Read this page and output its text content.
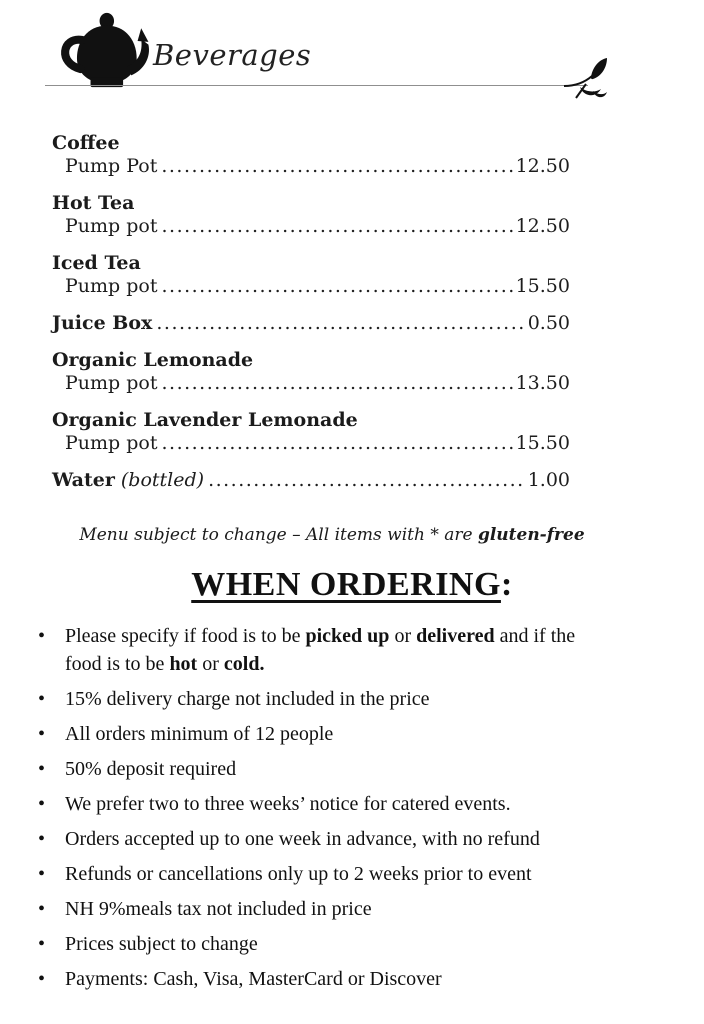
Beverages
Coffee
Pump Pot .....	12.50
Hot Tea
Pump pot .....	12.50
Iced Tea
Pump pot .....	15.50
Juice Box .....	0.50
Organic Lemonade
Pump pot .....	13.50
Organic Lavender Lemonade
Pump pot .....	15.50
Water (bottled) .....	1.00
Menu subject to change – All items with * are gluten-free
WHEN ORDERING:
• Please specify if food is to be picked up or delivered and if the food is to be hot or cold.
• 15% delivery charge not included in the price
• All orders minimum of 12 people
• 50% deposit required
• We prefer two to three weeks’ notice for catered events.
• Orders accepted up to one week in advance, with no refund
• Refunds or cancellations only up to 2 weeks prior to event
• NH 9%meals tax not included in price
• Prices subject to change
• Payments: Cash, Visa, MasterCard or Discover
